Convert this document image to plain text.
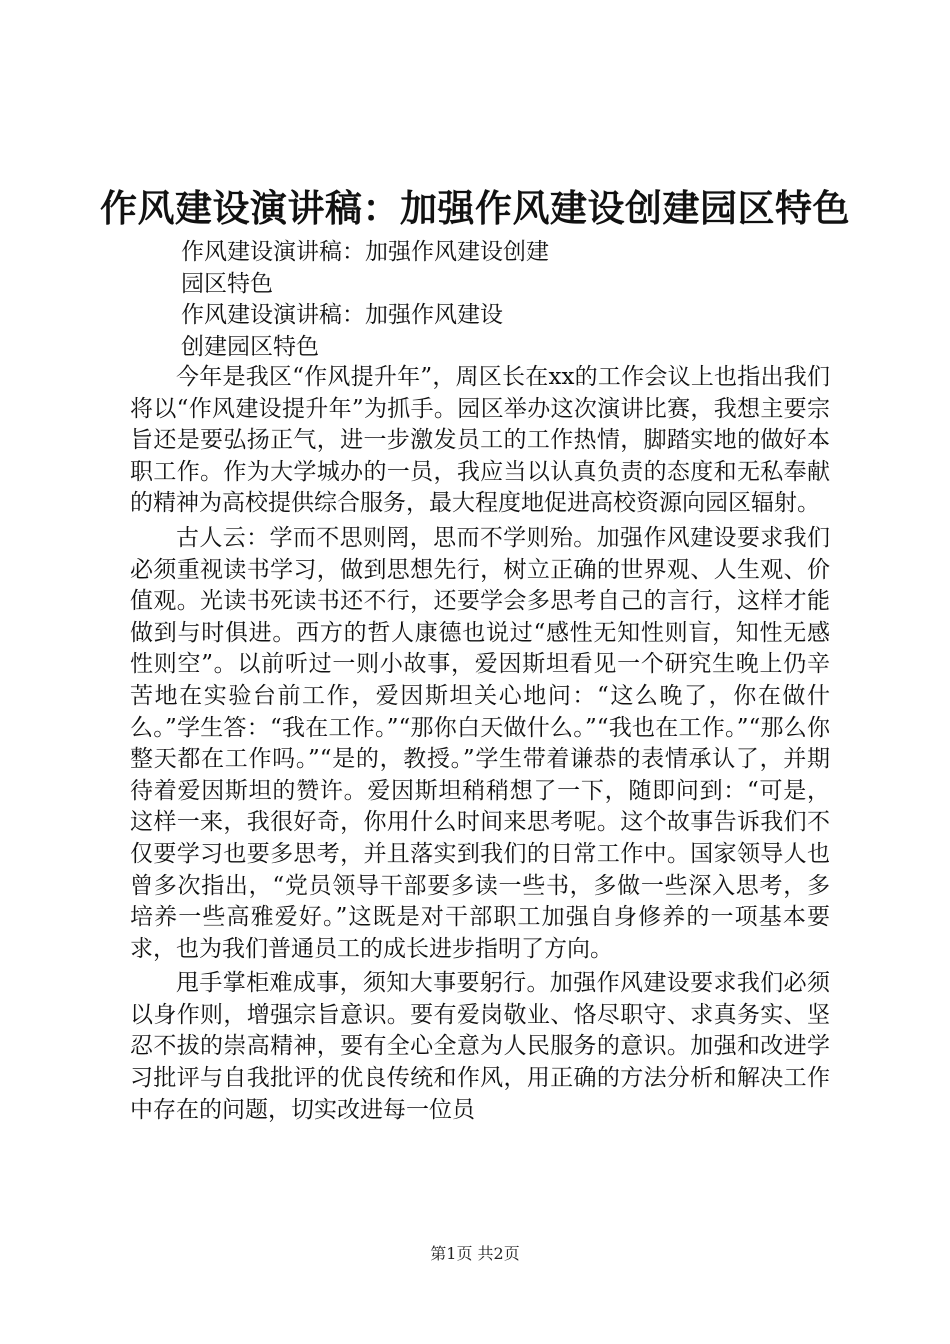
作风建设演讲稿：加强作风建设创建园区特色

作风建设演讲稿：加强作风建设创建

园区特色

作风建设演讲稿：加强作风建设

创建园区特色

今年是我区“作风提升年”，周区长在xx的工作会议上也指出我们将以“作风建设提升年”为抓手。园区举办这次演讲比赛，我想主要宗旨还是要弘扬正气，进一步激发员工的工作热情，脚踏实地的做好本职工作。作为大学城办的一员，我应当以认真负责的态度和无私奉献的精神为高校提供综合服务，最大程度地促进高校资源向园区辐射。

古人云：学而不思则罔，思而不学则殆。加强作风建设要求我们必须重视读书学习，做到思想先行，树立正确的世界观、人生观、价值观。光读书死读书还不行，还要学会多思考自己的言行，这样才能做到与时俱进。西方的哲人康德也说过“感性无知性则盲，知性无感性则空”。以前听过一则小故事，爱因斯坦看见一个研究生晚上仍辛苦地在实验台前工作，爱因斯坦关心地问：“这么晚了，你在做什么。”学生答：“我在工作。”“那你白天做什么。”“我也在工作。”“那么你整天都在工作吗。”“是的，教授。”学生带着谦恭的表情承认了，并期待着爱因斯坦的赞许。爱因斯坦稍稍想了一下，随即问到：“可是，这样一来，我很好奇，你用什么时间来思考呢。这个故事告诉我们不仅要学习也要多思考，并且落实到我们的日常工作中。国家领导人也曾多次指出，“党员领导干部要多读一些书，多做一些深入思考，多培养一些高雅爱好。”这既是对干部职工加强自身修养的一项基本要求，也为我们普通员工的成长进步指明了方向。

甩手掌柜难成事，须知大事要躬行。加强作风建设要求我们必须以身作则，增强宗旨意识。要有爱岗敬业、恪尽职守、求真务实、坚忍不拔的崇高精神，要有全心全意为人民服务的意识。加强和改进学习批评与自我批评的优良传统和作风，用正确的方法分析和解决工作中存在的问题，切实改进每一位员

第1页 共2页
